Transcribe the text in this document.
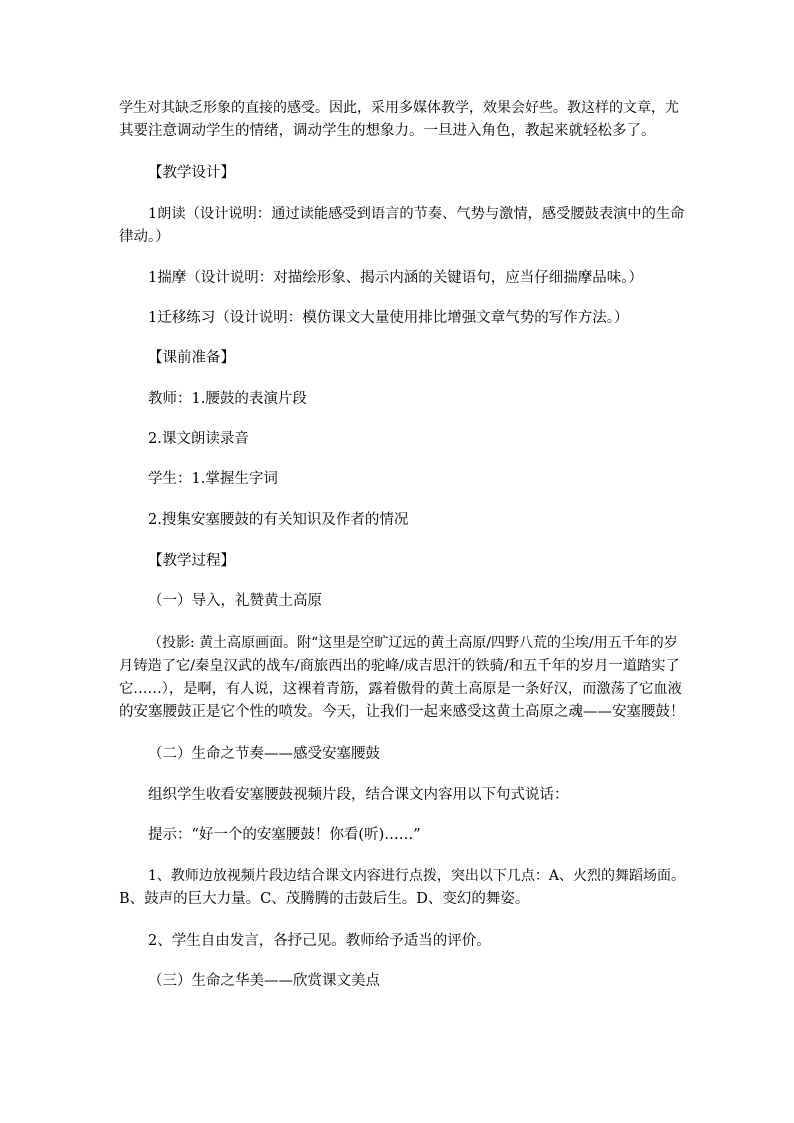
学生对其缺乏形象的直接的感受。因此，采用多媒体教学，效果会好些。教这样的文章，尤
其要注意调动学生的情绪，调动学生的想象力。一旦进入角色，教起来就轻松多了。
【教学设计】
1朗读（设计说明：通过读能感受到语言的节奏、气势与激情，感受腰鼓表演中的生命
律动。）
1揣摩（设计说明：对描绘形象、揭示内涵的关键语句，应当仔细揣摩品味。）
1迁移练习（设计说明：模仿课文大量使用排比增强文章气势的写作方法。）
【课前准备】
教师：1.腰鼓的表演片段
2.课文朗读录音
学生：1.掌握生字词
2.搜集安塞腰鼓的有关知识及作者的情况
【教学过程】
（一）导入，礼赞黄土高原
（投影: 黄土高原画面。附“这里是空旷辽远的黄土高原/四野八荒的尘埃/用五千年的岁
月铸造了它/秦皇汉武的战车/商旅西出的驼峰/成吉思汗的铁骑/和五千年的岁月一道踏实了
它……），是啊，有人说，这裸着青筋，露着傲骨的黄土高原是一条好汉，而激荡了它血液
的安塞腰鼓正是它个性的喷发。今天，让我们一起来感受这黄土高原之魂——安塞腰鼓！
（二）生命之节奏——感受安塞腰鼓
组织学生收看安塞腰鼓视频片段，结合课文内容用以下句式说话：
提示：“好一个的安塞腰鼓！你看(听)……”
1、教师边放视频片段边结合课文内容进行点拨，突出以下几点：A、火烈的舞蹈场面。
B、鼓声的巨大力量。C、茂腾腾的击鼓后生。D、变幻的舞姿。
2、学生自由发言，各抒己见。教师给予适当的评价。
（三）生命之华美——欣赏课文美点
